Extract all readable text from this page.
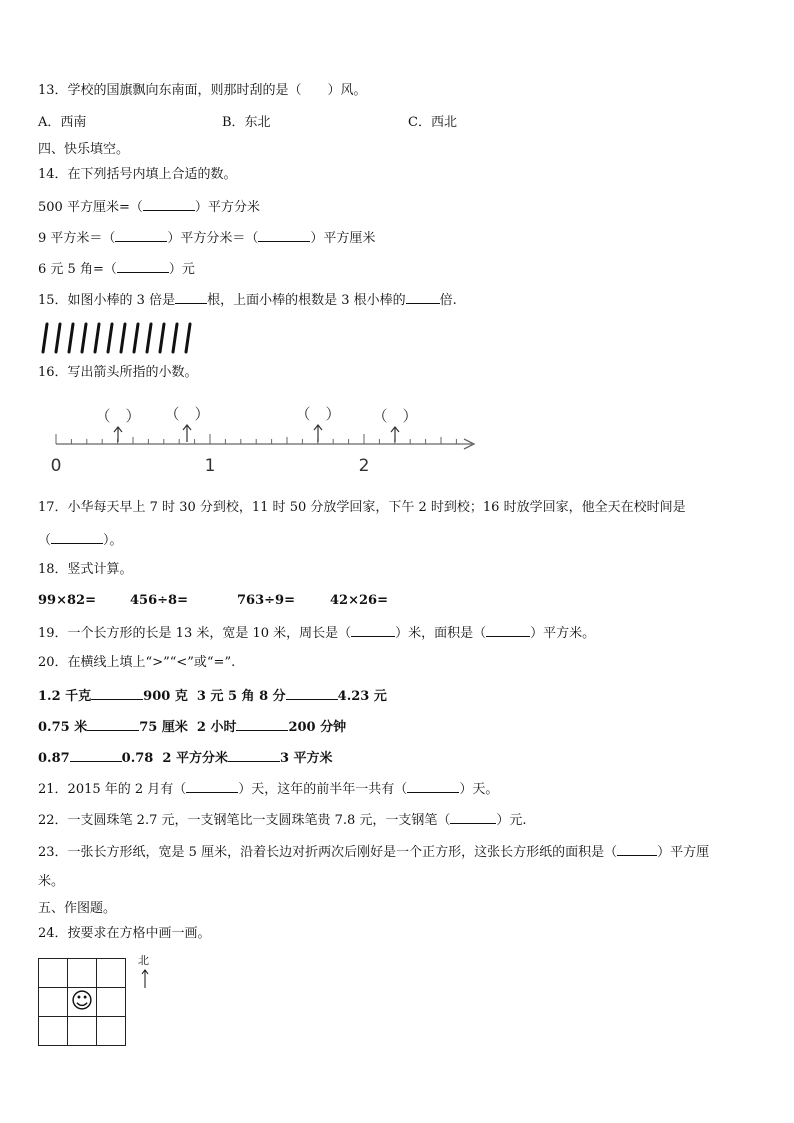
13．学校的国旗飘向东南面，则那时刮的是（　　）风。
A．西南	B．东北	C．西北
四、快乐填空。
14．在下列括号内填上合适的数。
500 平方厘米=（	）平方分米
9 平方米＝（	）平方分米＝（	）平方厘米
6 元 5 角=（	）元
15．如图小棒的 3 倍是 根，上面小棒的根数是 3 根小棒的	倍.
16．写出箭头所指的小数。
0	1	2
（　） （　）	（　） （　）
17．小华每天早上 7 时 30 分到校，11 时 50 分放学回家，下午 2 时到校；16 时放学回家，他全天在校时间是
（	）。
18．竖式计算。
99×82=	456÷8=	763÷9=	42×26=
19．一个长方形的长是 13 米，宽是 10 米，周长是（	）米，面积是（	）平方米。
20．在横线上填上“>”“<”或“=”.
1.2 千克	900 克 3 元 5 角 8 分	4.23 元
0.75 米	75 厘米 2 小时	200 分钟
0.87	0.78 2 平方分米	3 平方米
21．2015 年的 2 月有（	）天，这年的前半年一共有（	）天。
22．一支圆珠笔 2.7 元，一支钢笔比一支圆珠笔贵 7.8 元，一支钢笔（	）元.
23．一张长方形纸，宽是 5 厘米，沿着长边对折两次后刚好是一个正方形，这张长方形纸的面积是（	）平方厘
米。
五、作图题。
24．按要求在方格中画一画。

	☺	

北
